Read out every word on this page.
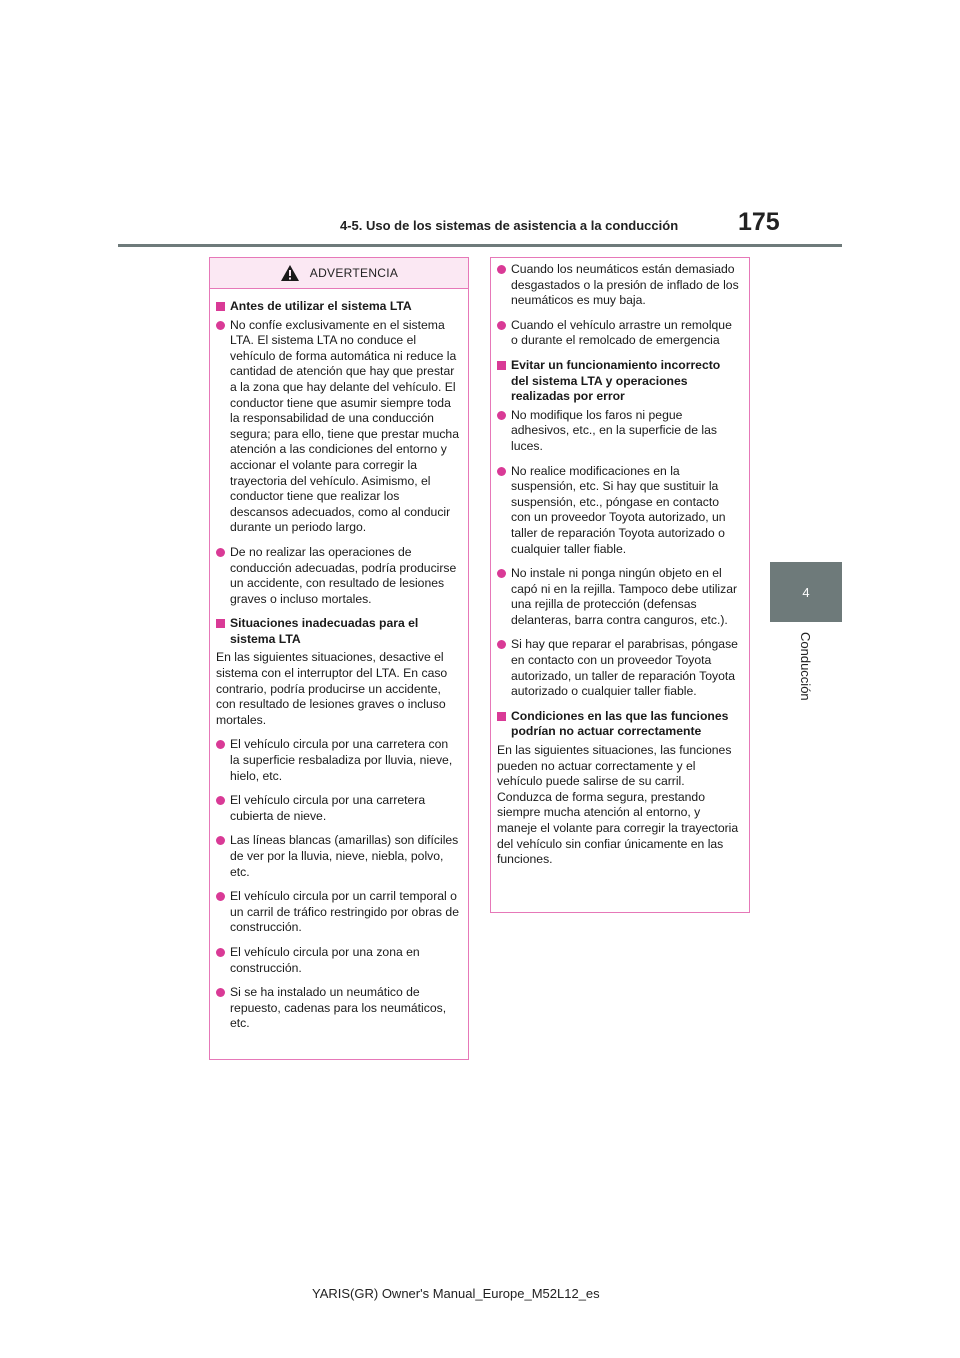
4-5. Uso de los sistemas de asistencia a la conducción 175
4
Conducción
ADVERTENCIA
Antes de utilizar el sistema LTA
No confíe exclusivamente en el sistema LTA. El sistema LTA no conduce el vehículo de forma automática ni reduce la cantidad de atención que hay que prestar a la zona que hay delante del vehículo. El conductor tiene que asumir siempre toda la responsabilidad de una conducción segura; para ello, tiene que prestar mucha atención a las condiciones del entorno y accionar el volante para corregir la trayectoria del vehículo. Asimismo, el conductor tiene que realizar los descansos adecuados, como al conducir durante un periodo largo.
De no realizar las operaciones de conducción adecuadas, podría producirse un accidente, con resultado de lesiones graves o incluso mortales.
Situaciones inadecuadas para el sistema LTA
En las siguientes situaciones, desactive el sistema con el interruptor del LTA. En caso contrario, podría producirse un accidente, con resultado de lesiones graves o incluso mortales.
El vehículo circula por una carretera con la superficie resbaladiza por lluvia, nieve, hielo, etc.
El vehículo circula por una carretera cubierta de nieve.
Las líneas blancas (amarillas) son difíciles de ver por la lluvia, nieve, niebla, polvo, etc.
El vehículo circula por un carril temporal o un carril de tráfico restringido por obras de construcción.
El vehículo circula por una zona en construcción.
Si se ha instalado un neumático de repuesto, cadenas para los neumáticos, etc.
Cuando los neumáticos están demasiado desgastados o la presión de inflado de los neumáticos es muy baja.
Cuando el vehículo arrastre un remolque o durante el remolcado de emergencia
Evitar un funcionamiento incorrecto del sistema LTA y operaciones realizadas por error
No modifique los faros ni pegue adhesivos, etc., en la superficie de las luces.
No realice modificaciones en la suspensión, etc. Si hay que sustituir la suspensión, etc., póngase en contacto con un proveedor Toyota autorizado, un taller de reparación Toyota autorizado o cualquier taller fiable.
No instale ni ponga ningún objeto en el capó ni en la rejilla. Tampoco debe utilizar una rejilla de protección (defensas delanteras, barra contra canguros, etc.).
Si hay que reparar el parabrisas, póngase en contacto con un proveedor Toyota autorizado, un taller de reparación Toyota autorizado o cualquier taller fiable.
Condiciones en las que las funciones podrían no actuar correctamente
En las siguientes situaciones, las funciones pueden no actuar correctamente y el vehículo puede salirse de su carril. Conduzca de forma segura, prestando siempre mucha atención al entorno, y maneje el volante para corregir la trayectoria del vehículo sin confiar únicamente en las funciones.
YARIS(GR) Owner's Manual_Europe_M52L12_es
